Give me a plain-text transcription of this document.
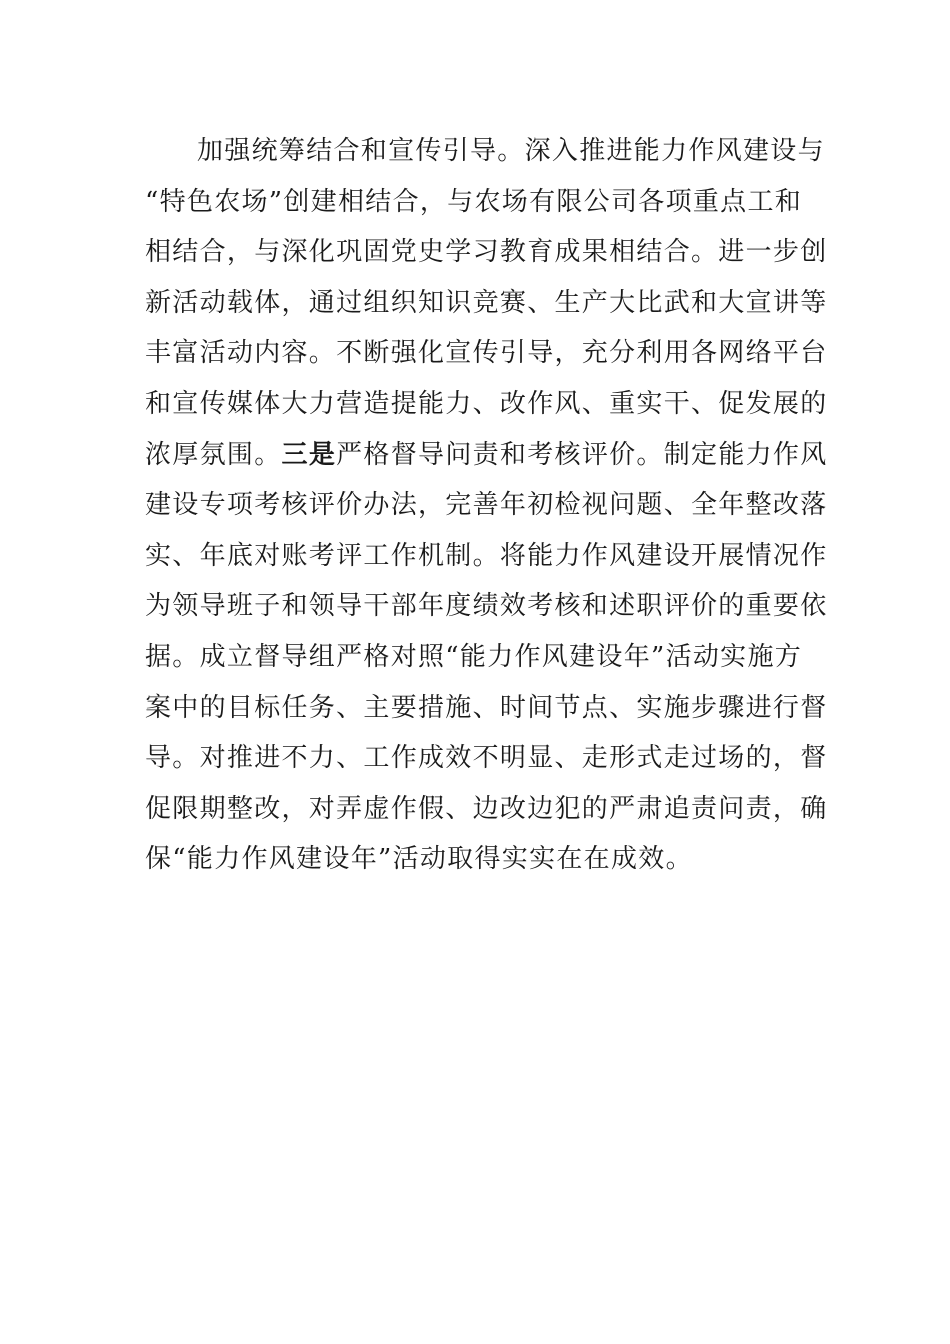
加强统筹结合和宣传引导。深入推进能力作风建设与
“特色农场”创建相结合，与农场有限公司各项重点工和
相结合，与深化巩固党史学习教育成果相结合。进一步创
新活动载体，通过组织知识竞赛、生产大比武和大宣讲等
丰富活动内容。不断强化宣传引导，充分利用各网络平台
和宣传媒体大力营造提能力、改作风、重实干、促发展的
浓厚氛围。三是严格督导问责和考核评价。制定能力作风
建设专项考核评价办法，完善年初检视问题、全年整改落
实、年底对账考评工作机制。将能力作风建设开展情况作
为领导班子和领导干部年度绩效考核和述职评价的重要依
据。成立督导组严格对照“能力作风建设年”活动实施方
案中的目标任务、主要措施、时间节点、实施步骤进行督
导。对推进不力、工作成效不明显、走形式走过场的，督
促限期整改，对弄虚作假、边改边犯的严肃追责问责，确
保“能力作风建设年”活动取得实实在在成效。
